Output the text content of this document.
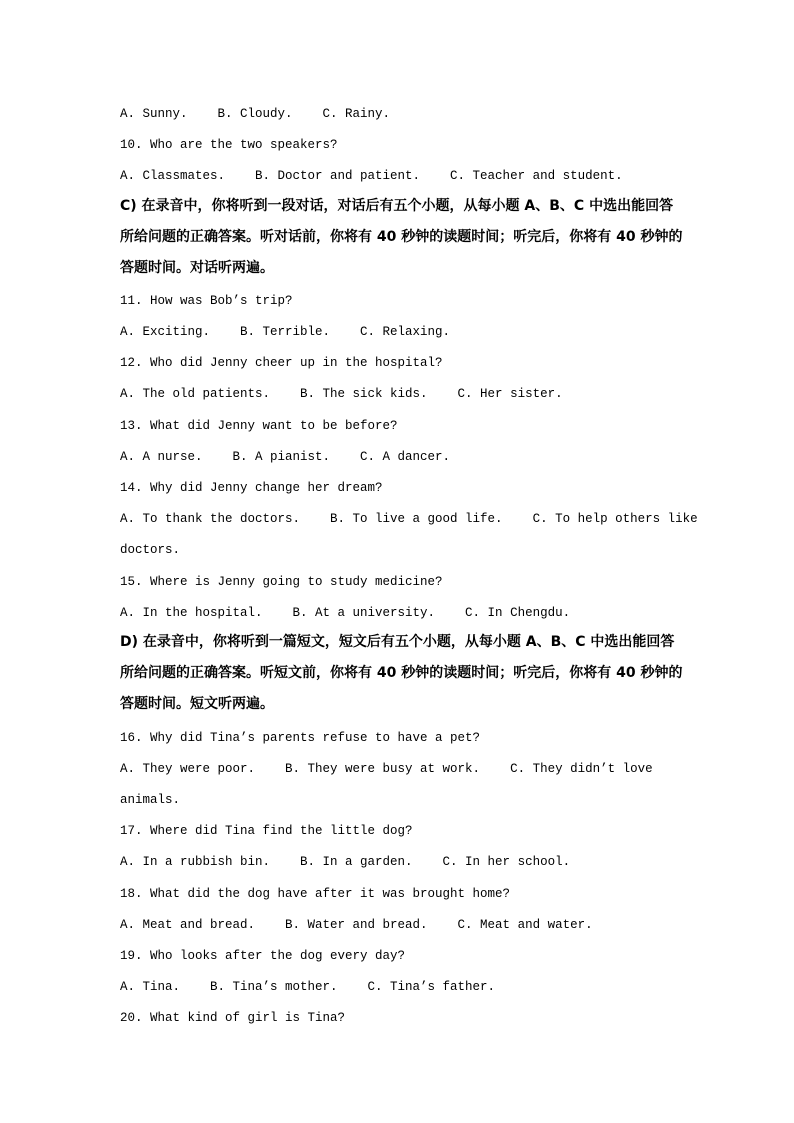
A. Sunny.    B. Cloudy.    C. Rainy.
10. Who are the two speakers?
A. Classmates.    B. Doctor and patient.    C. Teacher and student.
C) 在录音中，你将听到一段对话，对话后有五个小题，从每小题 A、B、C 中选出能回答
所给问题的正确答案。听对话前，你将有 40 秒钟的读题时间；听完后，你将有 40 秒钟的
答题时间。对话听两遍。
11. How was Bob’s trip?
A. Exciting.    B. Terrible.    C. Relaxing.
12. Who did Jenny cheer up in the hospital?
A. The old patients.    B. The sick kids.    C. Her sister.
13. What did Jenny want to be before?
A. A nurse.    B. A pianist.    C. A dancer.
14. Why did Jenny change her dream?
A. To thank the doctors.    B. To live a good life.    C. To help others like
doctors.
15. Where is Jenny going to study medicine?
A. In the hospital.    B. At a university.    C. In Chengdu.
D) 在录音中，你将听到一篇短文，短文后有五个小题，从每小题 A、B、C 中选出能回答
所给问题的正确答案。听短文前，你将有 40 秒钟的读题时间；听完后，你将有 40 秒钟的
答题时间。短文听两遍。
16. Why did Tina’s parents refuse to have a pet?
A. They were poor.    B. They were busy at work.    C. They didn’t love
animals.
17. Where did Tina find the little dog?
A. In a rubbish bin.    B. In a garden.    C. In her school.
18. What did the dog have after it was brought home?
A. Meat and bread.    B. Water and bread.    C. Meat and water.
19. Who looks after the dog every day?
A. Tina.    B. Tina’s mother.    C. Tina’s father.
20. What kind of girl is Tina?
